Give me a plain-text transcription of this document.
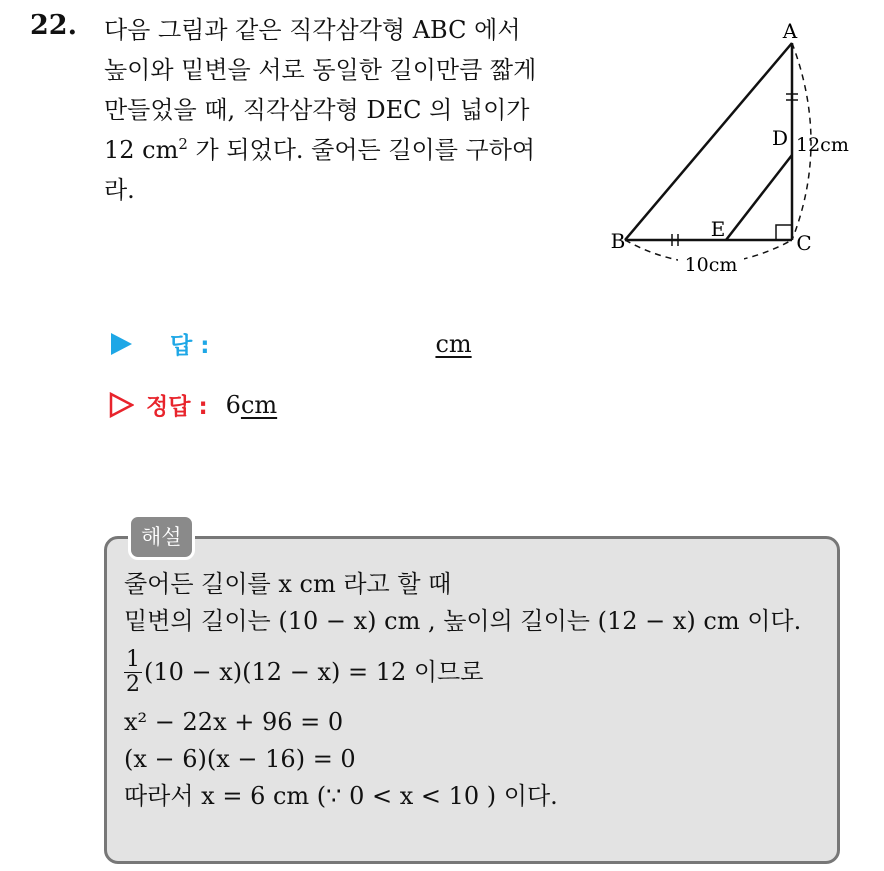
22. 다음 그림과 같은 직각삼각형 ABC 에서
높이와 밑변을 서로 동일한 길이만큼 짧게
만들었을 때, 직각삼각형 DEC 의 넓이가
12 $cm^2$ 가 되었다. 줄어든 길이를 구하여
라.
10cm
12cm
A
B	C
D
E
답 :	cm
정답 : 6 cm
해설
줄어든 길이를 x cm 라고 할 때
밑변의 길이는 (10 − x) cm , 높이의 길이는 (12 − x) cm 이다.
$\frac{1}{2} (10 - x)(12 - x) = 12$ 이므로
x² − 22x + 96 = 0
(x − 6)(x − 16) = 0
따라서 x = 6 cm (∵ 0 < x < 10 ) 이다.
